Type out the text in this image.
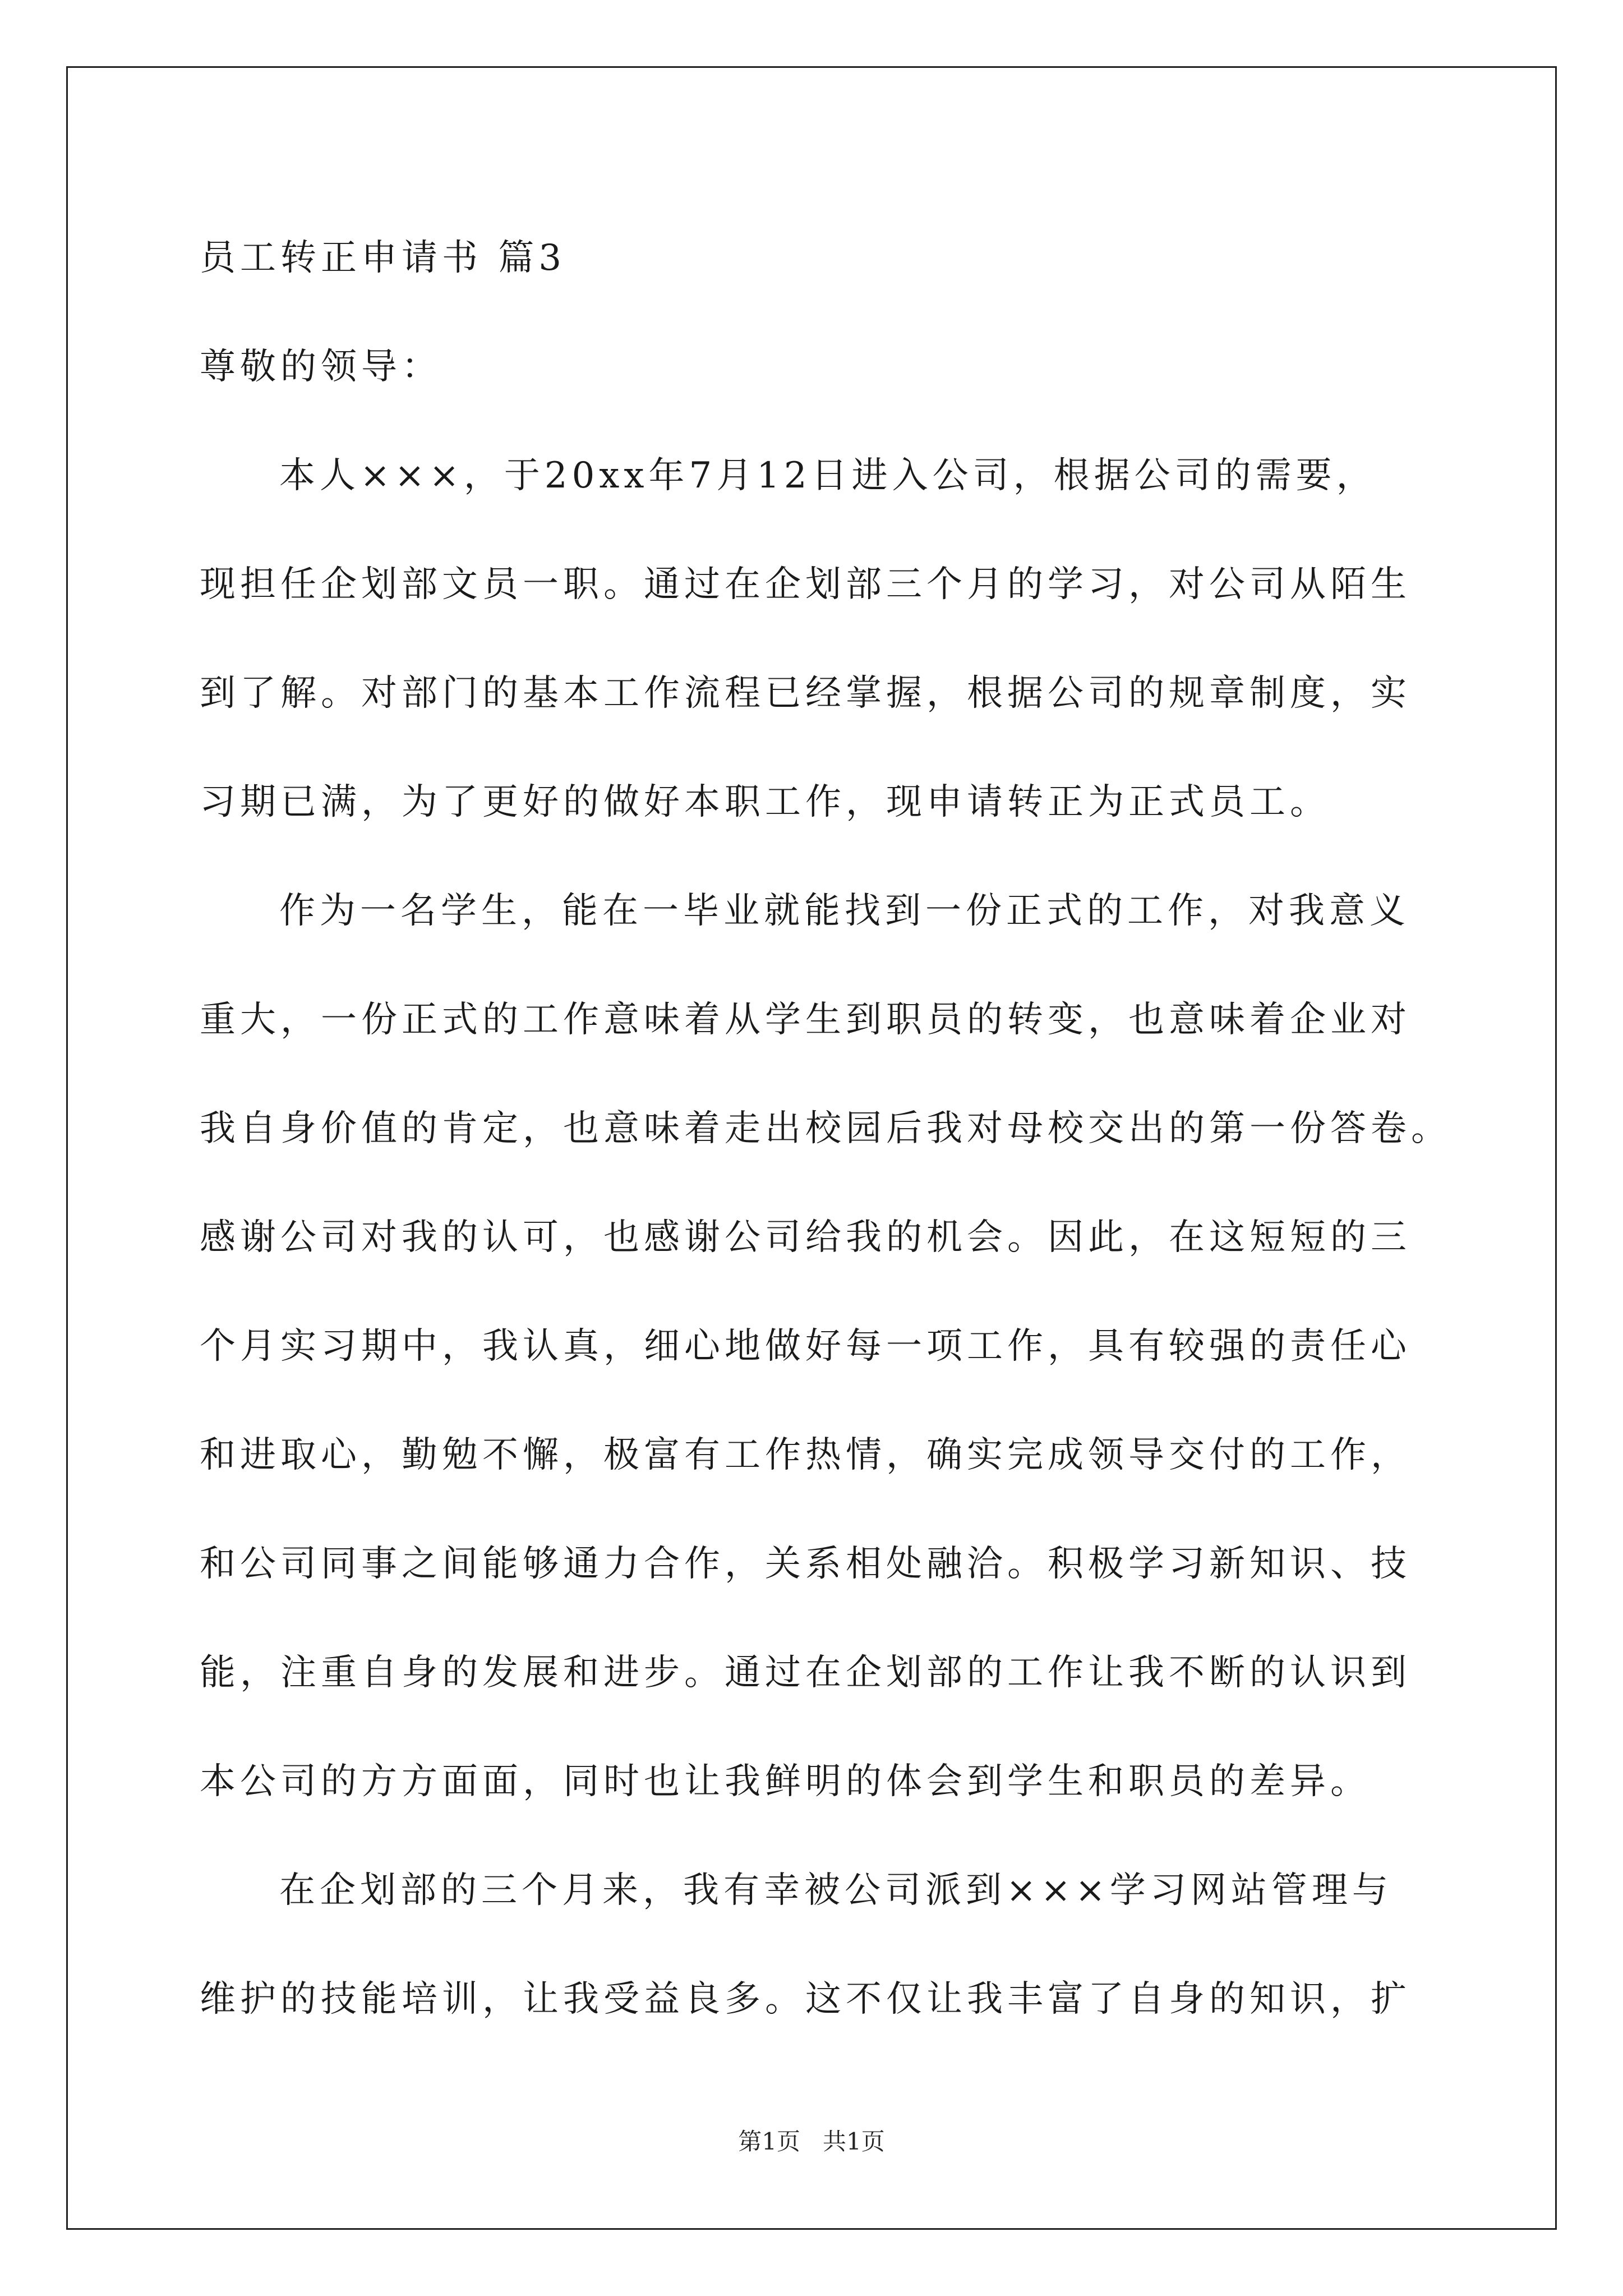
员工转正申请书 篇3
尊敬的领导：
本人×××，于20xx年7月12日进入公司，根据公司的需要，
现担任企划部文员一职。通过在企划部三个月的学习，对公司从陌生
到了解。对部门的基本工作流程已经掌握，根据公司的规章制度，实
习期已满，为了更好的做好本职工作，现申请转正为正式员工。
作为一名学生，能在一毕业就能找到一份正式的工作，对我意义
重大，一份正式的工作意味着从学生到职员的转变，也意味着企业对
我自身价值的肯定，也意味着走出校园后我对母校交出的第一份答卷。
感谢公司对我的认可，也感谢公司给我的机会。因此，在这短短的三
个月实习期中，我认真，细心地做好每一项工作，具有较强的责任心
和进取心，勤勉不懈，极富有工作热情，确实完成领导交付的工作，
和公司同事之间能够通力合作，关系相处融洽。积极学习新知识、技
能，注重自身的发展和进步。通过在企划部的工作让我不断的认识到
本公司的方方面面，同时也让我鲜明的体会到学生和职员的差异。
在企划部的三个月来，我有幸被公司派到×××学习网站管理与
维护的技能培训，让我受益良多。这不仅让我丰富了自身的知识，扩
第1页   共1页
